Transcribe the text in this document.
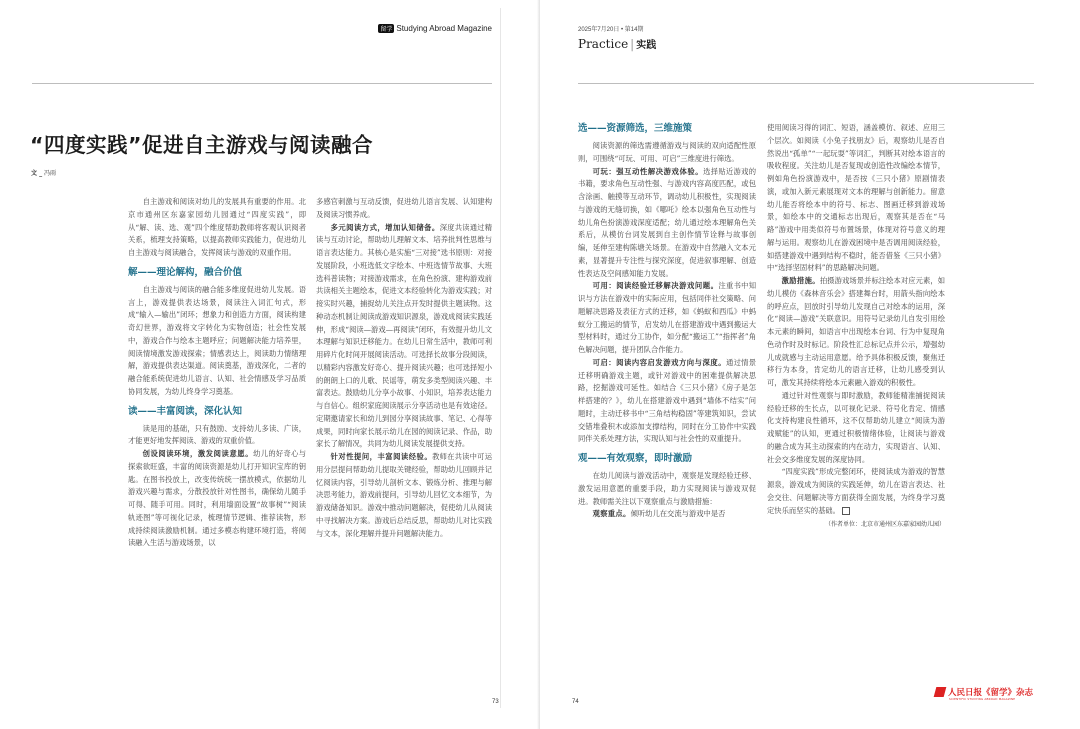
留学 Studying Abroad Magazine
“四度实践”促进自主游戏与阅读融合
文 _ 冯雨

自主游戏和阅读对幼儿的发展具有重要的作用。北京市通州区东嘉家园幼儿园通过“四度实践”，即从“解、读、选、观”四个维度帮助教师将客观认识阅者关系，梳理支持策略，以提高教师实践能力，促进幼儿自主游戏与阅读融合，发挥阅读与游戏的双重作用。

解——理论解构，融合价值

自主游戏与阅读的融合能多维度促进幼儿发展。语言上，游戏提供表达场景，阅读注入词汇句式，形成“输入—输出”闭环；想象力和创造力方面，阅读构建奇幻世界，游戏将文字转化为实物创造；社会性发展中，游戏合作与绘本主题呼应；问题解决能力培养里，阅读情境激发游戏探索；情感表达上，阅读助力情绪理解，游戏提供表达渠道。阅读奠基，游戏深化，二者的融合能系统促进幼儿语言、认知、社会情感及学习品质协同发展，为幼儿终身学习奠基。

读——丰富阅读，深化认知

读是用的基础，只有鼓励、支持幼儿多读、广读，才能更好地发挥阅读、游戏的双重价值。

创设阅读环境，激发阅读意愿。幼儿的好奇心与探索欲旺盛，丰富的阅读资源是幼儿打开知识宝库的钥匙。在图书投放上，改变传统统一摆放模式，依据幼儿游戏兴趣与需求，分散投放针对性图书，确保幼儿随手可得、随手可用。同时，利用墙面设置“故事树”“阅读轨迹图”等可视化记录，梳理情节逻辑、推荐读物，形成持续阅读激励机制。通过多模态构建环境打造，将阅读融入生活与游戏场景，以

多感官刺激与互动反馈，促进幼儿语言发展、认知建构及阅读习惯养成。

多元阅读方式，增加认知储备。深度共读通过精读与互动讨论，帮助幼儿理解文本、培养批判性思维与语言表达能力。其核心是实施“三对接”选书原则：对接发展阶段，小班选低文字绘本、中班选情节故事、大班选科普读物；对接游戏需求，在角色扮演、建构游戏前共读相关主题绘本，促进文本经验转化为游戏实践；对接实时兴趣，捕捉幼儿关注点开发时提供主题读物。这种动态机制让阅读成游戏知识源泉，游戏成阅读实践延伸，形成“阅读—游戏—再阅读”闭环，有效提升幼儿文本理解与知识迁移能力。在幼儿日常生活中，教师可利用碎片化时间开展阅读活动。可选择长故事分段阅读，以精彩内容激发好奇心、提升阅读兴趣；也可选择短小的朗朗上口的儿歌、民谣等，萌发多类型阅读兴趣、丰富表达。鼓励幼儿分享小故事、小知识，培养表达能力与自信心。组织家庭阅读展示分享活动也是有效途径。定期邀请家长和幼儿到园分享阅读故事、笔记、心得等成果，同时向家长展示幼儿在园的阅读记录、作品，助家长了解情况，共同为幼儿阅读发展提供支持。

针对性提问，丰富阅读经验。教师在共读中可运用分层提问帮助幼儿提取关键经验，帮助幼儿回顾并记忆阅读内容，引导幼儿剖析文本、锻炼分析、推理与解决思考能力，游戏前提问，引导幼儿回忆文本细节，为游戏储备知识。游戏中推动问题解决，促使幼儿从阅读中寻找解决方案。游戏后总结反思，帮助幼儿对比实践与文本，深化理解并提升问题解决能力。

73
2025年7月20日 • 第14期
Practice | 实践
选——资源筛选，三维施策

阅读资源的筛选需遵循游戏与阅读的双向适配性原则，可围绕“可玩、可用、可启”三维度进行筛选。

可玩：强互动性解决游戏体验。选择贴近游戏的书籍，要求角色互动性强、与游戏内容高度匹配，或包含涂画、触摸等互动环节，调动幼儿积极性，实现阅读与游戏的无缝切换，如《哪吒》绘本以强角色互动性与幼儿角色扮演游戏深度适配；幼儿通过绘本理解角色关系后，从模仿台词发展到自主创作情节诠释与故事创编，延伸至建构陈塘关场景。在游戏中自然融入文本元素，显著提升专注性与探究深度，促进叙事理解、创造性表达及空间感知能力发展。

可用：阅读经验迁移解决游戏问题。注重书中知识与方法在游戏中的实际应用，包括同伴社交策略、问题解决思路及表征方式的迁移，如《蚂蚁和西瓜》中蚂蚁分工搬运的情节，启发幼儿在搭建游戏中遇到搬运大型材料时，通过分工协作，如分配“搬运工”“指挥者”角色解决问题，提升团队合作能力。

可启：阅读内容启发游戏方向与深度。通过情景迁移明确游戏主题，或针对游戏中的困难提供解决思路，挖掘游戏可延性。如结合《三只小猪》《房子是怎样搭建的？》，幼儿在搭建游戏中遇到“墙体不结实”问题时，主动迁移书中“三角结构稳固”等建筑知识，尝试交错堆叠积木或添加支撑结构，同时在分工协作中实践同伴关系处理方法，实现认知与社会性的双重提升。

观——有效观察，即时激励

在幼儿阅读与游戏活动中，观察是发现经验迁移、激发运用意愿的重要手段，助力实现阅读与游戏双促进。教师需关注以下观察重点与激励措施：

观察重点。倾听幼儿在交流与游戏中是否

使用阅读习得的词汇、短语，涵盖模仿、叙述、应用三个层次。如阅读《小兔子找朋友》后，观察幼儿是否自然说出“孤单”“一起玩耍”等词汇，判断其对绘本语言的吸收程度。关注幼儿是否复现或创造性改编绘本情节，例如角色扮演游戏中，是否按《三只小猪》原剧情表演，或加入新元素展现对文本的理解与创新能力。留意幼儿能否将绘本中的符号、标志、图画迁移到游戏场景，如绘本中的交通标志出现后，观察其是否在“马路”游戏中用类似符号布置场景，体现对符号意义的理解与运用。观察幼儿在游戏困境中是否调用阅读经验，如搭建游戏中遇到结构不稳时，能否借鉴《三只小猪》中“选择坚固材料”的思路解决问题。

激励措施。拍摄游戏场景并标注绘本对应元素，如幼儿模仿《森林音乐会》搭建舞台时，用箭头指向绘本的呼应点，回放时引导幼儿发现自己对绘本的运用，深化“阅读—游戏”关联意识。用符号记录幼儿自发引用绘本元素的瞬间，如语言中出现绘本台词、行为中复现角色动作时及时标记。阶段性汇总标记点并公示，增强幼儿成就感与主动运用意愿。给予具体积极反馈，聚焦迁移行为本身，肯定幼儿的语言迁移，让幼儿感受到认可，激发其持续将绘本元素融入游戏的积极性。

通过针对性观察与即时激励，教师能精准捕捉阅读经验迁移的生长点，以可视化记录、符号化肯定、情感化支持构建良性循环，这不仅帮助幼儿建立“阅读为游戏赋能”的认知，更通过积极情绪体验，让阅读与游戏的融合成为其主动探索的内在动力，实现语言、认知、社会交多维度发展的深度协同。

“四度实践”形成完整闭环，使阅读成为游戏的智慧源泉，游戏成为阅读的实践延伸，幼儿在语言表达、社会交往、问题解决等方面获得全面发展，为终身学习奠定快乐而坚实的基础。

（作者单位：北京市通州区东嘉家园幼儿园）
74
人民日报《留学》杂志
SCIENTIFIC STUDYING ABROAD MAGAZINE
